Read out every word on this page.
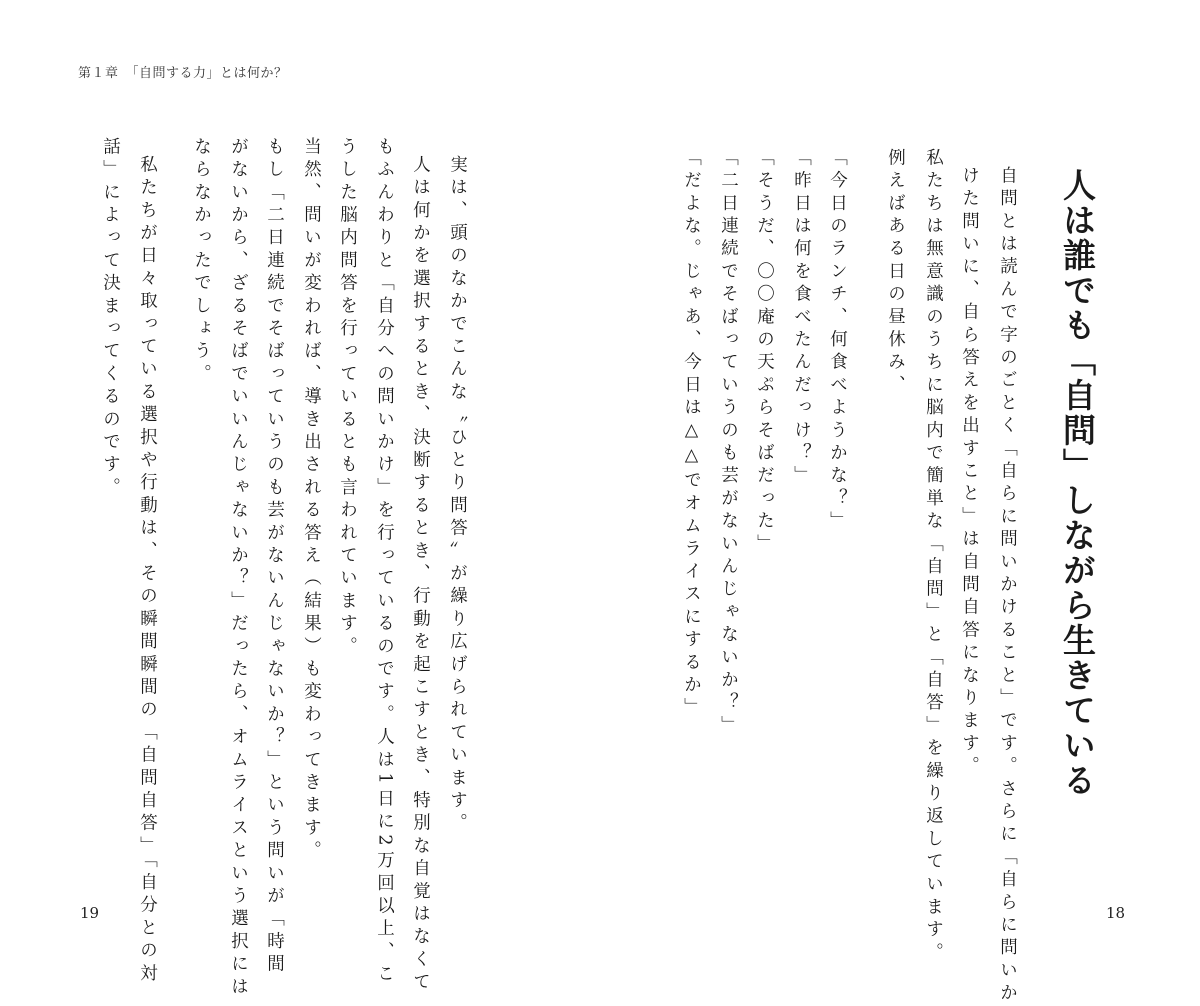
第１章　「自問する力」とは何か？
人は誰でも「自問」しながら生きている
自問とは読んで字のごとく「自らに問いかけること」です。さらに「自らに問いか
けた問いに、自ら答えを出すこと」は自問自答になります。
私たちは無意識のうちに脳内で簡単な「自問」と「自答」を繰り返しています。
例えばある日の昼休み、
「今日のランチ、何食べようかな？」
「昨日は何を食べたんだっけ？」
「そうだ、〇〇庵の天ぷらそばだった」
「二日連続でそばっていうのも芸がないんじゃないか？」
「だよな。じゃあ、今日は△△でオムライスにするか」
実は、頭のなかでこんな〝ひとり問答〟が繰り広げられています。
人は何かを選択するとき、決断するとき、行動を起こすとき、特別な自覚はなくて
もふんわりと「自分への問いかけ」を行っているのです。人は1日に2万回以上、こ
うした脳内問答を行っているとも言われています。
当然、問いが変われば、導き出される答え（結果）も変わってきます。
もし「二日連続でそばっていうのも芸がないんじゃないか？」という問いが「時間
がないから、ざるそばでいいんじゃないか？」だったら、オムライスという選択には
ならなかったでしょう。
私たちが日々取っている選択や行動は、その瞬間瞬間の「自問自答」「自分との対
話」によって決まってくるのです。
19	18
